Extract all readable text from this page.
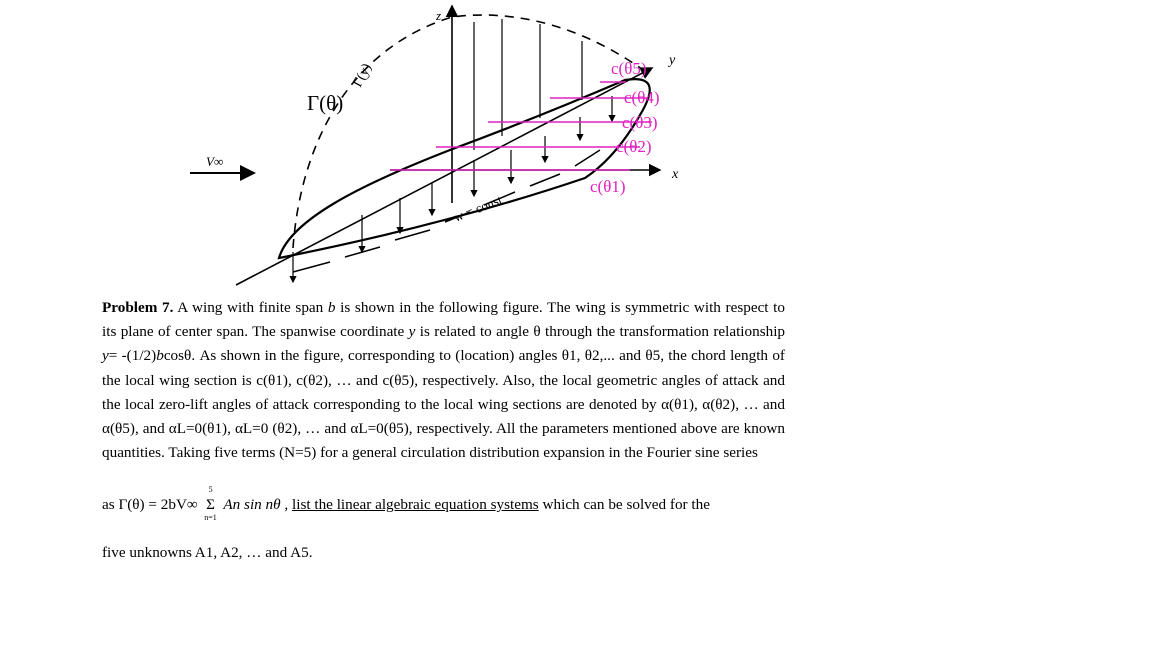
z
y
x
Γ(θ)
Γ(y)
V∞
w = const
c(θ5)
c(θ4)
c(θ3)
c(θ2)
c(θ1)

Problem 7. A wing with finite span b is shown in the following figure. The wing is symmetric with respect to its plane of center span. The spanwise coordinate y is related to angle θ through the transformation relationship y= -(1/2)bcosθ. As shown in the figure, corresponding to (location) angles θ1, θ2,... and θ5, the chord length of the local wing section is c(θ1), c(θ2), … and c(θ5), respectively. Also, the local geometric angles of attack and the local zero-lift angles of attack corresponding to the local wing sections are denoted by α(θ1), α(θ2), … and α(θ5), and αL=0(θ1), αL=0 (θ2), … and αL=0(θ5), respectively. All the parameters mentioned above are known quantities. Taking five terms (N=5) for a general circulation distribution expansion in the Fourier sine series

as Γ(θ) = 2bV∞ Σ
5
n=1
An sin nθ , list the linear algebraic equation systems which can be solved for the
five unknowns A1, A2, … and A5.
